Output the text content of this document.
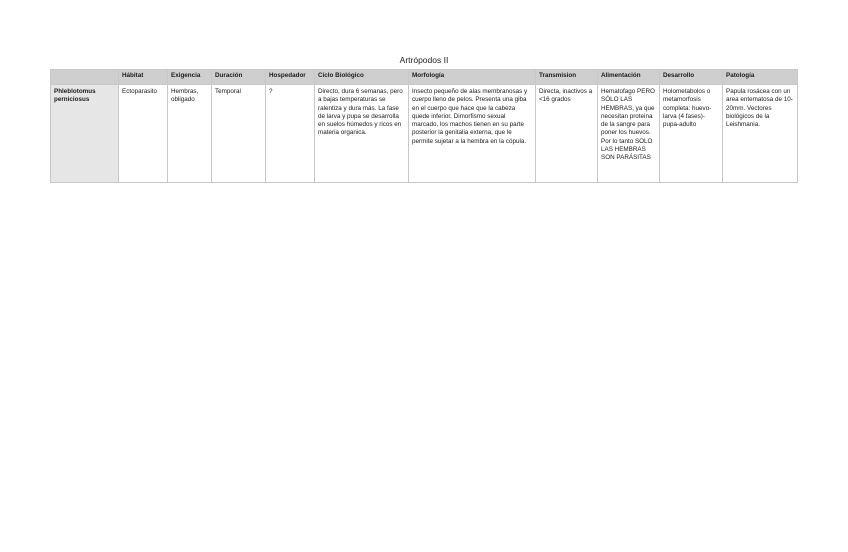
Artrópodos II
	Hábitat	Exigencia	Duración	Hospedador	Ciclo Biológico	Morfología	Transmision	Alimentación	Desarrollo	Patología
Phleblotomus perniciosus	Ectoparasito	Hembras, obligado	Temporal	?	Directo, dura 6 semanas, pero a bajas temperaturas se ralentiza y dura más. La fase de larva y pupa se desarrolla en suelos húmedos y ricos en materia organica.	Insecto pequeño de alas membranosas y cuerpo lleno de pelos. Presenta una giba en el cuerpo que hace que la cabeza quede inferior. Dimorfismo sexual marcado, los machos tienen en su parte posterior la genitalia externa, que le permite sujetar a la hembra en la cópula.	Directa, inactivos a <16 grados	Hematofago PERO SÓLO LAS HEMBRAS, ya que necesitan proteina de la sangre para poner los huevos. Por lo tanto SOLO LAS HEMBRAS SON PARÁSITAS	Holometabolos o metamorfosis completa: huevo-larva (4 fases)-pupa-adulto	Papula rosácea con un area entematosa de 10-20mm. Vectores biológicos de la Leishmania.
